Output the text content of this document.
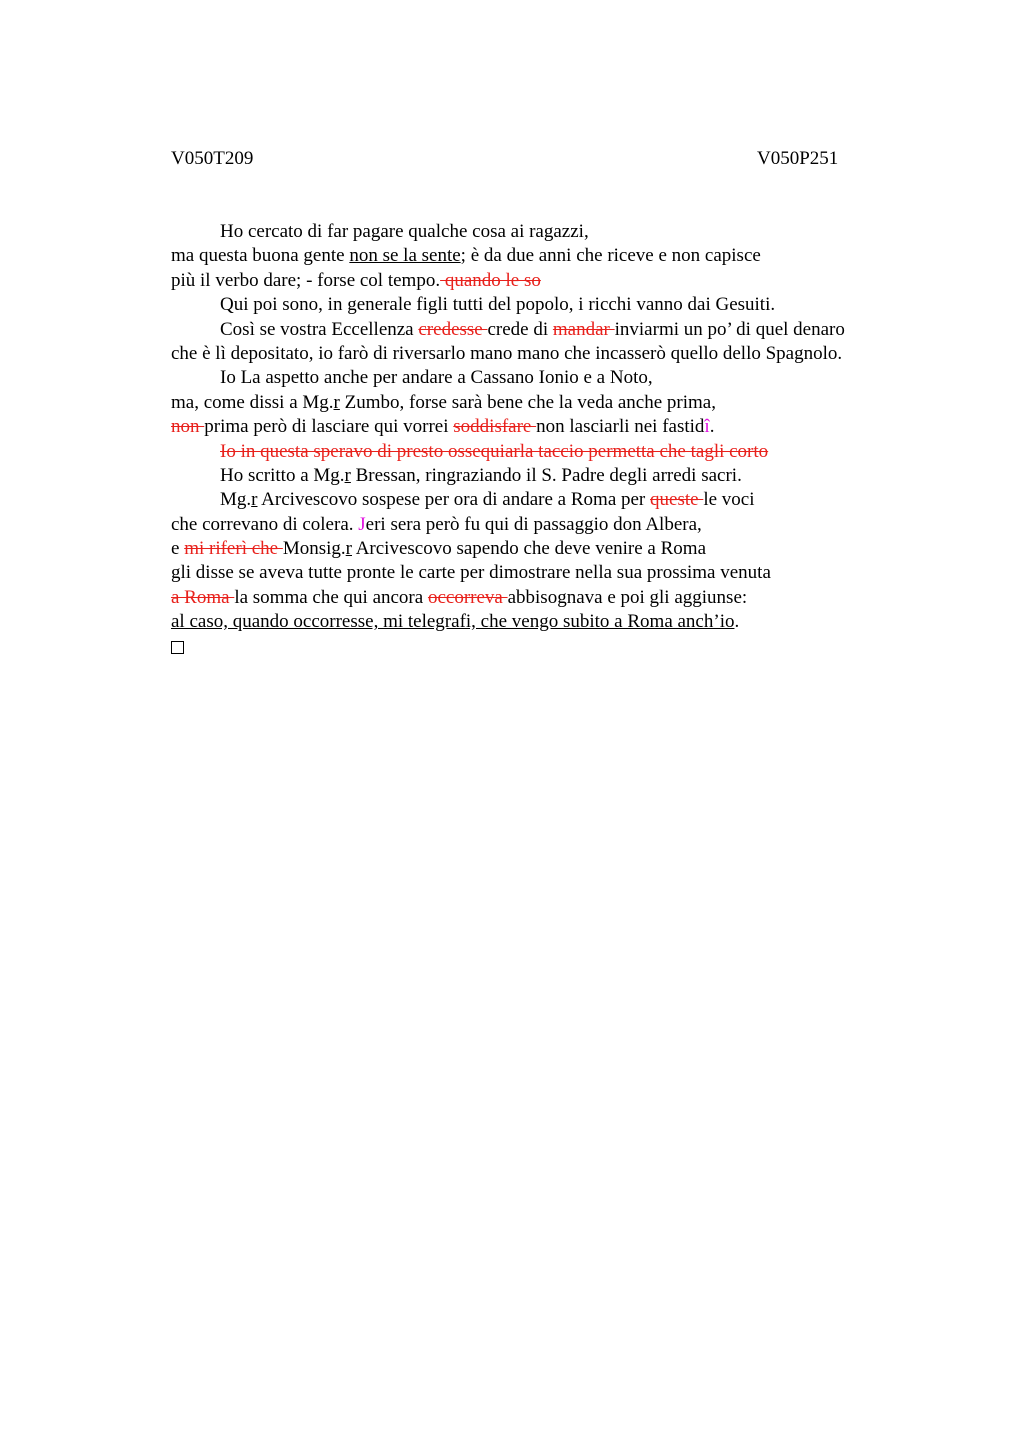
V050T209	V050P251
Ho cercato di far pagare qualche cosa ai ragazzi,
ma questa buona gente non se la sente; è da due anni che riceve e non capisce
più il verbo dare; - forse col tempo. quando le so
Qui poi sono, in generale figli tutti del popolo, i ricchi vanno dai Gesuiti.
Così se vostra Eccellenza credesse crede di mandar inviarmi un po’ di quel denaro
che è lì depositato, io farò di riversarlo mano mano che incasserò quello dello Spagnolo.
Io La aspetto anche per andare a Cassano Ionio e a Noto,
ma, come dissi a Mg.r Zumbo, forse sarà bene che la veda anche prima,
non prima però di lasciare qui vorrei soddisfare non lasciarli nei fastidî.
Io in questa speravo di presto ossequiarla taccio permetta che tagli corto
Ho scritto a Mg.r Bressan, ringraziando il S. Padre degli arredi sacri.
Mg.r Arcivescovo sospese per ora di andare a Roma per queste le voci
che correvano di colera. Jeri sera però fu qui di passaggio don Albera,
e mi riferì che Monsig.r Arcivescovo sapendo che deve venire a Roma
gli disse se aveva tutte pronte le carte per dimostrare nella sua prossima venuta
a Roma la somma che qui ancora occorreva abbisognava e poi gli aggiunse:
al caso, quando occorresse, mi telegrafi, che vengo subito a Roma anch’io.
